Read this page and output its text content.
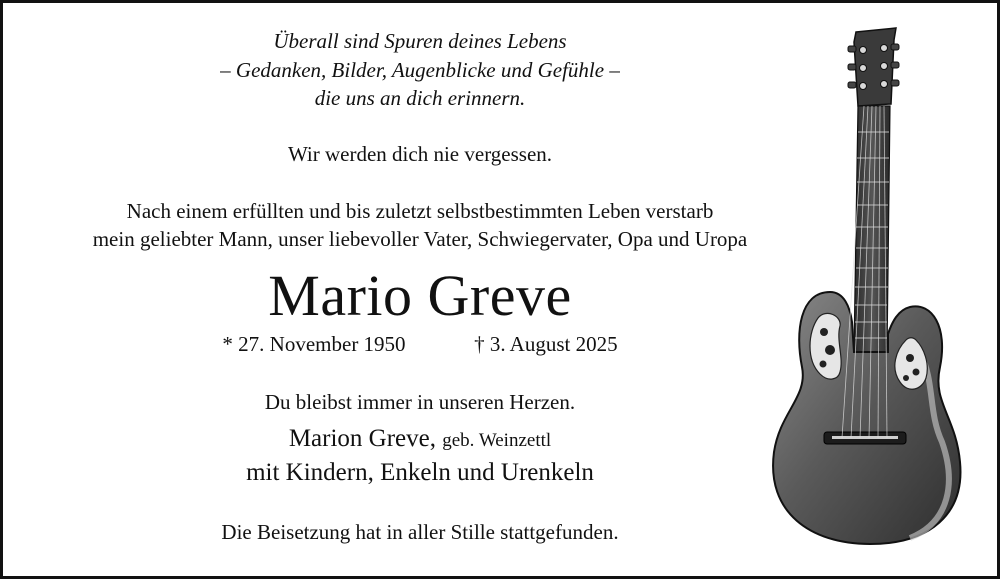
Überall sind Spuren deines Lebens
– Gedanken, Bilder, Augenblicke und Gefühle –
die uns an dich erinnern.
Wir werden dich nie vergessen.
Nach einem erfüllten und bis zuletzt selbstbestimmten Leben verstarb
mein geliebter Mann, unser liebevoller Vater, Schwiegervater, Opa und Uropa
Mario Greve
* 27. November 1950	† 3. August 2025
Du bleibst immer in unseren Herzen.
Marion Greve, geb. Weinzettl
mit Kindern, Enkeln und Urenkeln
Die Beisetzung hat in aller Stille stattgefunden.
